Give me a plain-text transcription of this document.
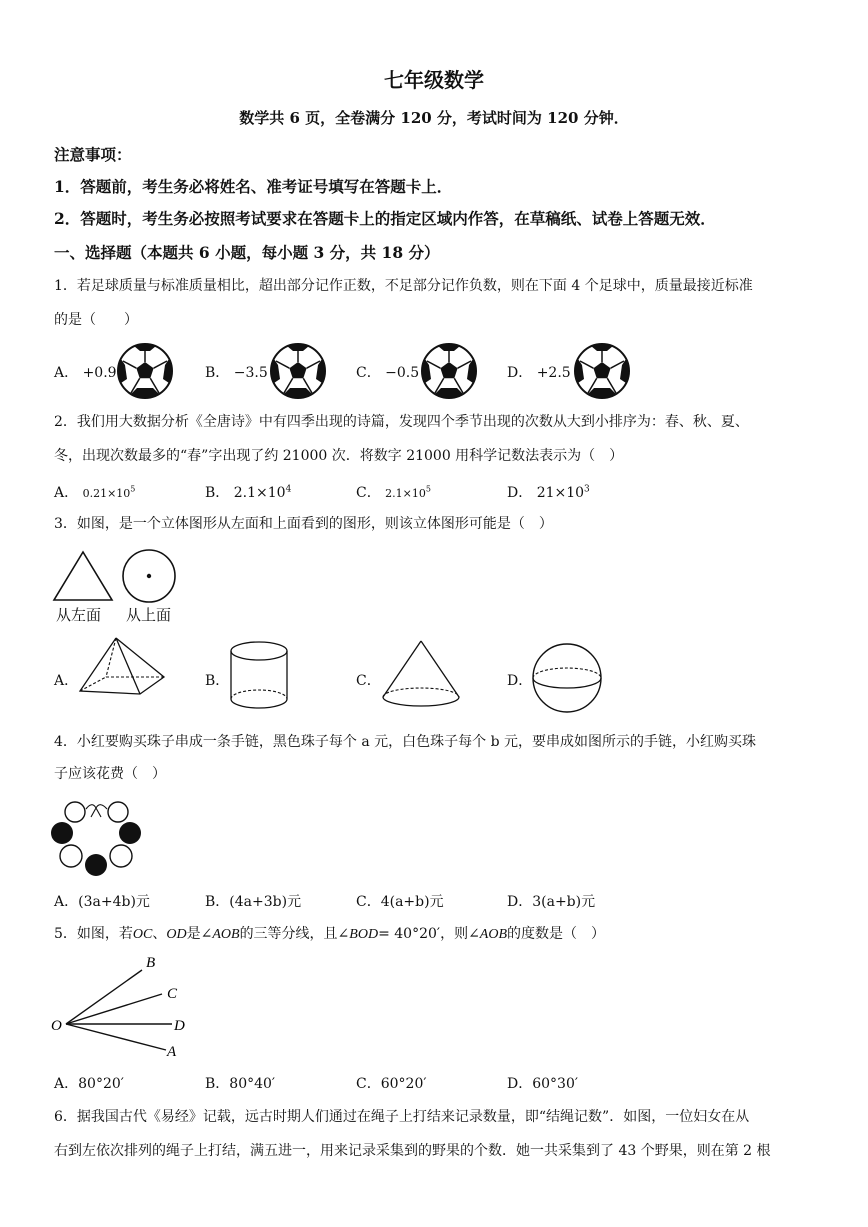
七年级数学
数学共 6 页，全卷满分 120 分，考试时间为 120 分钟．
注意事项：
1．答题前，考生务必将姓名、准考证号填写在答题卡上．
2．答题时，考生务必按照考试要求在答题卡上的指定区域内作答，在草稿纸、试卷上答题无效．
一、选择题（本题共 6 小题，每小题 3 分，共 18 分）
1．若足球质量与标准质量相比，超出部分记作正数，不足部分记作负数，则在下面 4 个足球中，质量最接近标准
的是（　　）
A． +0.9	B． −3.5	C． −0.5	D． +2.5
2．我们用大数据分析《全唐诗》中有四季出现的诗篇，发现四个季节出现的次数从大到小排序为：春、秋、夏、
冬，出现次数最多的“春”字出现了约 21000 次．将数字 21000 用科学记数法表示为（　）
A． $0.21\times 10^5$	B． $2.1\times 10^4$	C． $2.1\times 10^5$	D． $21\times 10^3$
3．如图，是一个立体图形从左面和上面看到的图形，则该立体图形可能是（　）
从左面 从上面
A．	B．	C．	D．
4．小红要购买珠子串成一条手链，黑色珠子每个 a 元，白色珠子每个 b 元，要串成如图所示的手链，小红购买珠
子应该花费（　）
A．(3a+4b)元	B．(4a+3b)元	C．4(a+b)元	D．3(a+b)元
5．如图，若OC、OD是∠AOB的三等分线，且∠BOD= 40°20′，则∠AOB的度数是（　）
O
B
C
D
A
A．80°20′	B．80°40′	C．60°20′	D．60°30′
6．据我国古代《易经》记载，远古时期人们通过在绳子上打结来记录数量，即“结绳记数”．如图，一位妇女在从
右到左依次排列的绳子上打结，满五进一，用来记录采集到的野果的个数．她一共采集到了 43 个野果，则在第 2 根
